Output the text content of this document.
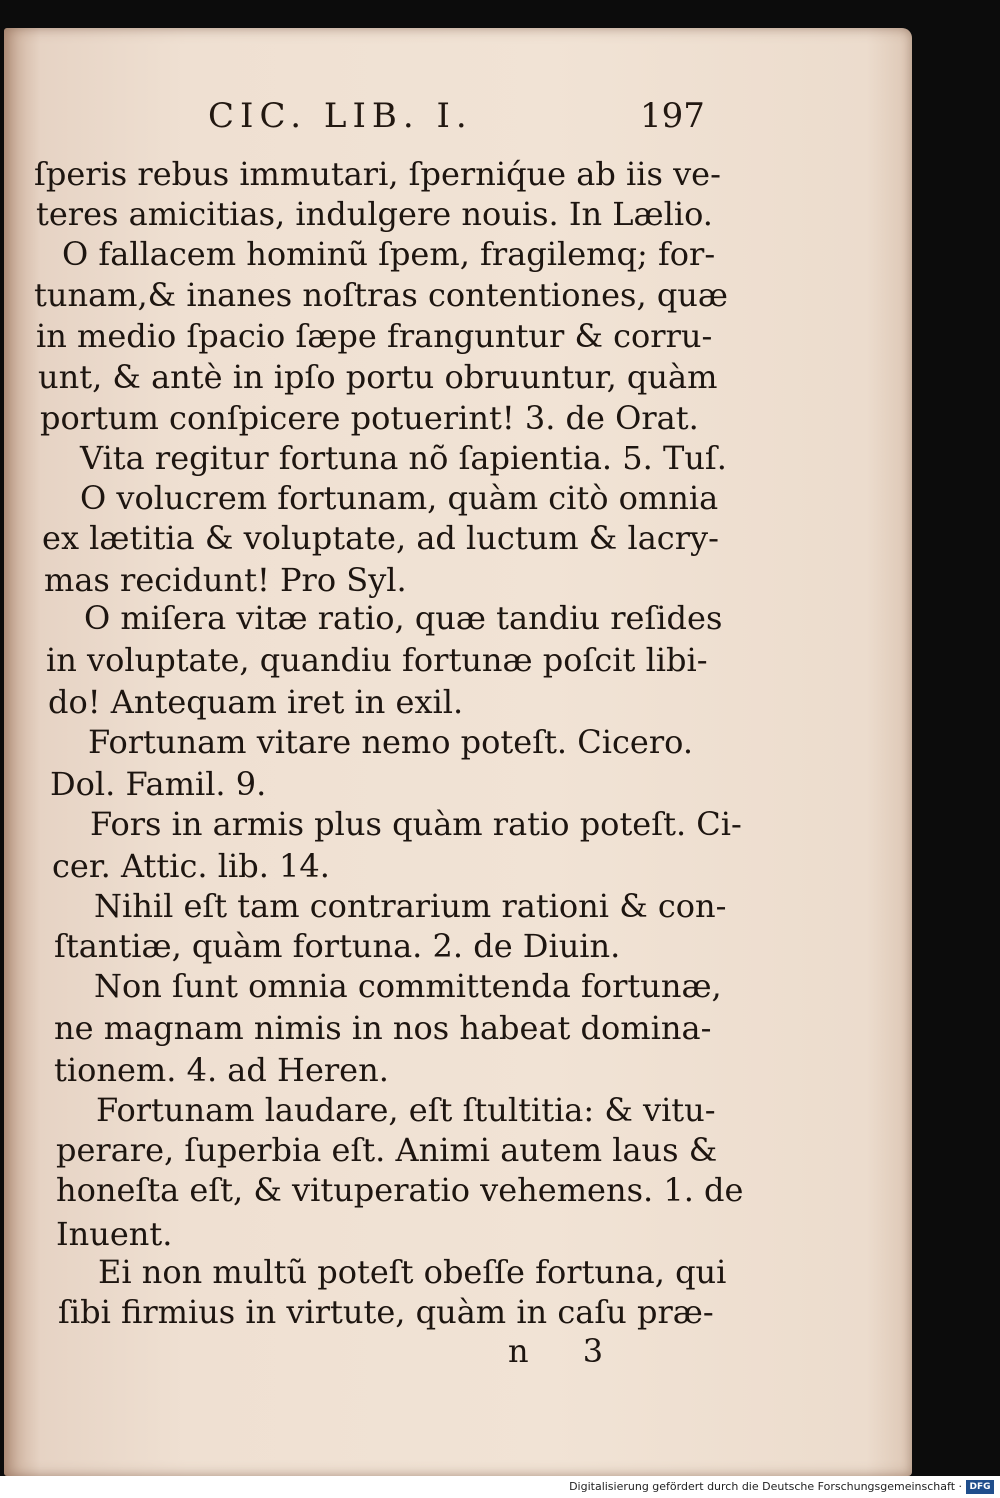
CIC. LIB. I.	197
ſperis rebus immutari, ſperniq́ue ab iis ve-
teres amicitias, indulgere nouis. In Lælio.
O fallacem hominũ ſpem, fragilemq; for-
tunam,& inanes noſtras contentiones, quæ
in medio ſpacio ſæpe franguntur & corru-
unt, & antè in ipſo portu obruuntur, quàm
portum conſpicere potuerint! 3. de Orat.
Vita regitur fortuna nõ ſapientia. 5. Tuſ.
O volucrem fortunam, quàm citò omnia
ex lætitia & voluptate, ad luctum & lacry-
mas recidunt! Pro Syl.
O miſera vitæ ratio, quæ tandiu reſides
in voluptate, quandiu fortunæ poſcit libi-
do! Antequam iret in exil.
Fortunam vitare nemo poteſt. Cicero.
Dol. Famil. 9.
Fors in armis plus quàm ratio poteſt. Ci-
cer. Attic. lib. 14.
Nihil eſt tam contrarium rationi & con-
ſtantiæ, quàm fortuna. 2. de Diuin.
Non ſunt omnia committenda fortunæ,
ne magnam nimis in nos habeat domina-
tionem. 4. ad Heren.
Fortunam laudare, eſt ſtultitia: & vitu-
perare, ſuperbia eſt. Animi autem laus &
honeſta eſt, & vituperatio vehemens. 1. de
Inuent.
Ei non multũ poteſt obeſſe fortuna, qui
ſibi firmius in virtute, quàm in caſu præ-
n 3
Digitalisierung gefördert durch die Deutsche Forschungsgemeinschaft · DFG
